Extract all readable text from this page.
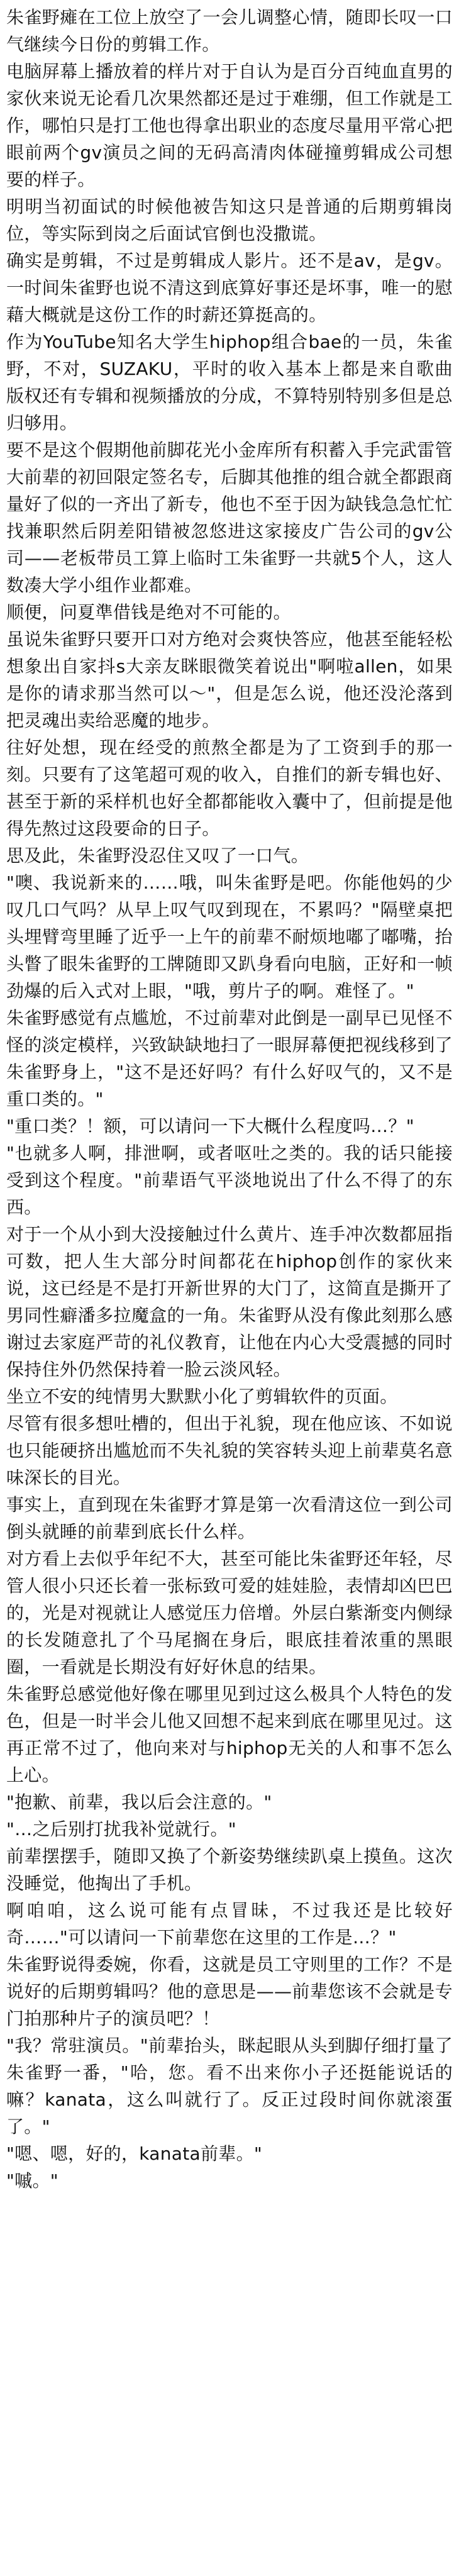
朱雀野瘫在工位上放空了一会儿调整心情，随即长叹一口气继续今日份的剪辑工作。

电脑屏幕上播放着的样片对于自认为是百分百纯血直男的家伙来说无论看几次果然都还是过于难绷，但工作就是工作，哪怕只是打工他也得拿出职业的态度尽量用平常心把眼前两个gv演员之间的无码高清肉体碰撞剪辑成公司想要的样子。

明明当初面试的时候他被告知这只是普通的后期剪辑岗位，等实际到岗之后面试官倒也没撒谎。

确实是剪辑，不过是剪辑成人影片。还不是av，是gv。一时间朱雀野也说不清这到底算好事还是坏事，唯一的慰藉大概就是这份工作的时薪还算挺高的。

作为YouTube知名大学生hiphop组合bae的一员，朱雀野，不对，SUZAKU，平时的收入基本上都是来自歌曲版权还有专辑和视频播放的分成，不算特别特别多但是总归够用。

要不是这个假期他前脚花光小金库所有积蓄入手完武雷管大前辈的初回限定签名专，后脚其他推的组合就全都跟商量好了似的一齐出了新专，他也不至于因为缺钱急急忙忙找兼职然后阴差阳错被忽悠进这家接皮广告公司的gv公司——老板带员工算上临时工朱雀野一共就5个人，这人数凑大学小组作业都难。

顺便，问夏準借钱是绝对不可能的。

虽说朱雀野只要开口对方绝对会爽快答应，他甚至能轻松想象出自家抖s大亲友眯眼微笑着说出"啊啦allen，如果是你的请求那当然可以～"，但是怎么说，他还没沦落到把灵魂出卖给恶魔的地步。

往好处想，现在经受的煎熬全都是为了工资到手的那一刻。只要有了这笔超可观的收入，自推们的新专辑也好、甚至于新的采样机也好全都都能收入囊中了，但前提是他得先熬过这段要命的日子。

思及此，朱雀野没忍住又叹了一口气。

"噢、我说新来的……哦，叫朱雀野是吧。你能他妈的少叹几口气吗？从早上叹气叹到现在，不累吗？"隔壁桌把头埋臂弯里睡了近乎一上午的前辈不耐烦地嘟了嘟嘴，抬头瞥了眼朱雀野的工牌随即又趴身看向电脑，正好和一帧劲爆的后入式对上眼，"哦，剪片子的啊。难怪了。"

朱雀野感觉有点尴尬，不过前辈对此倒是一副早已见怪不怪的淡定模样，兴致缺缺地扫了一眼屏幕便把视线移到了朱雀野身上，"这不是还好吗？有什么好叹气的，又不是重口类的。"

"重口类？！额，可以请问一下大概什么程度吗…？"

"也就多人啊，排泄啊，或者呕吐之类的。我的话只能接受到这个程度。"前辈语气平淡地说出了什么不得了的东西。

对于一个从小到大没接触过什么黄片、连手冲次数都屈指可数，把人生大部分时间都花在hiphop创作的家伙来说，这已经是不是打开新世界的大门了，这简直是撕开了男同性癖潘多拉魔盒的一角。朱雀野从没有像此刻那么感谢过去家庭严苛的礼仪教育，让他在内心大受震撼的同时保持住外仍然保持着一脸云淡风轻。

坐立不安的纯情男大默默小化了剪辑软件的页面。

尽管有很多想吐槽的，但出于礼貌，现在他应该、不如说也只能硬挤出尴尬而不失礼貌的笑容转头迎上前辈莫名意味深长的目光。

事实上，直到现在朱雀野才算是第一次看清这位一到公司倒头就睡的前辈到底长什么样。

对方看上去似乎年纪不大，甚至可能比朱雀野还年轻，尽管人很小只还长着一张标致可爱的娃娃脸，表情却凶巴巴的，光是对视就让人感觉压力倍增。外层白紫渐变内侧绿的长发随意扎了个马尾搁在身后，眼底挂着浓重的黑眼圈，一看就是长期没有好好休息的结果。

朱雀野总感觉他好像在哪里见到过这么极具个人特色的发色，但是一时半会儿他又回想不起来到底在哪里见过。这再正常不过了，他向来对与hiphop无关的人和事不怎么上心。

"抱歉、前辈，我以后会注意的。"

"…之后别打扰我补觉就行。"

前辈摆摆手，随即又换了个新姿势继续趴桌上摸鱼。这次没睡觉，他掏出了手机。

啊咱咱，这么说可能有点冒昧，不过我还是比较好奇……"可以请问一下前辈您在这里的工作是…？"

朱雀野说得委婉，你看，这就是员工守则里的工作？不是说好的后期剪辑吗？他的意思是——前辈您该不会就是专门拍那种片子的演员吧？！

"我？常驻演员。"前辈抬头，眯起眼从头到脚仔细打量了朱雀野一番，"哈，您。看不出来你小子还挺能说话的嘛？kanata，这么叫就行了。反正过段时间你就滚蛋了。"

"嗯、嗯，好的，kanata前辈。"

"嘁。"
